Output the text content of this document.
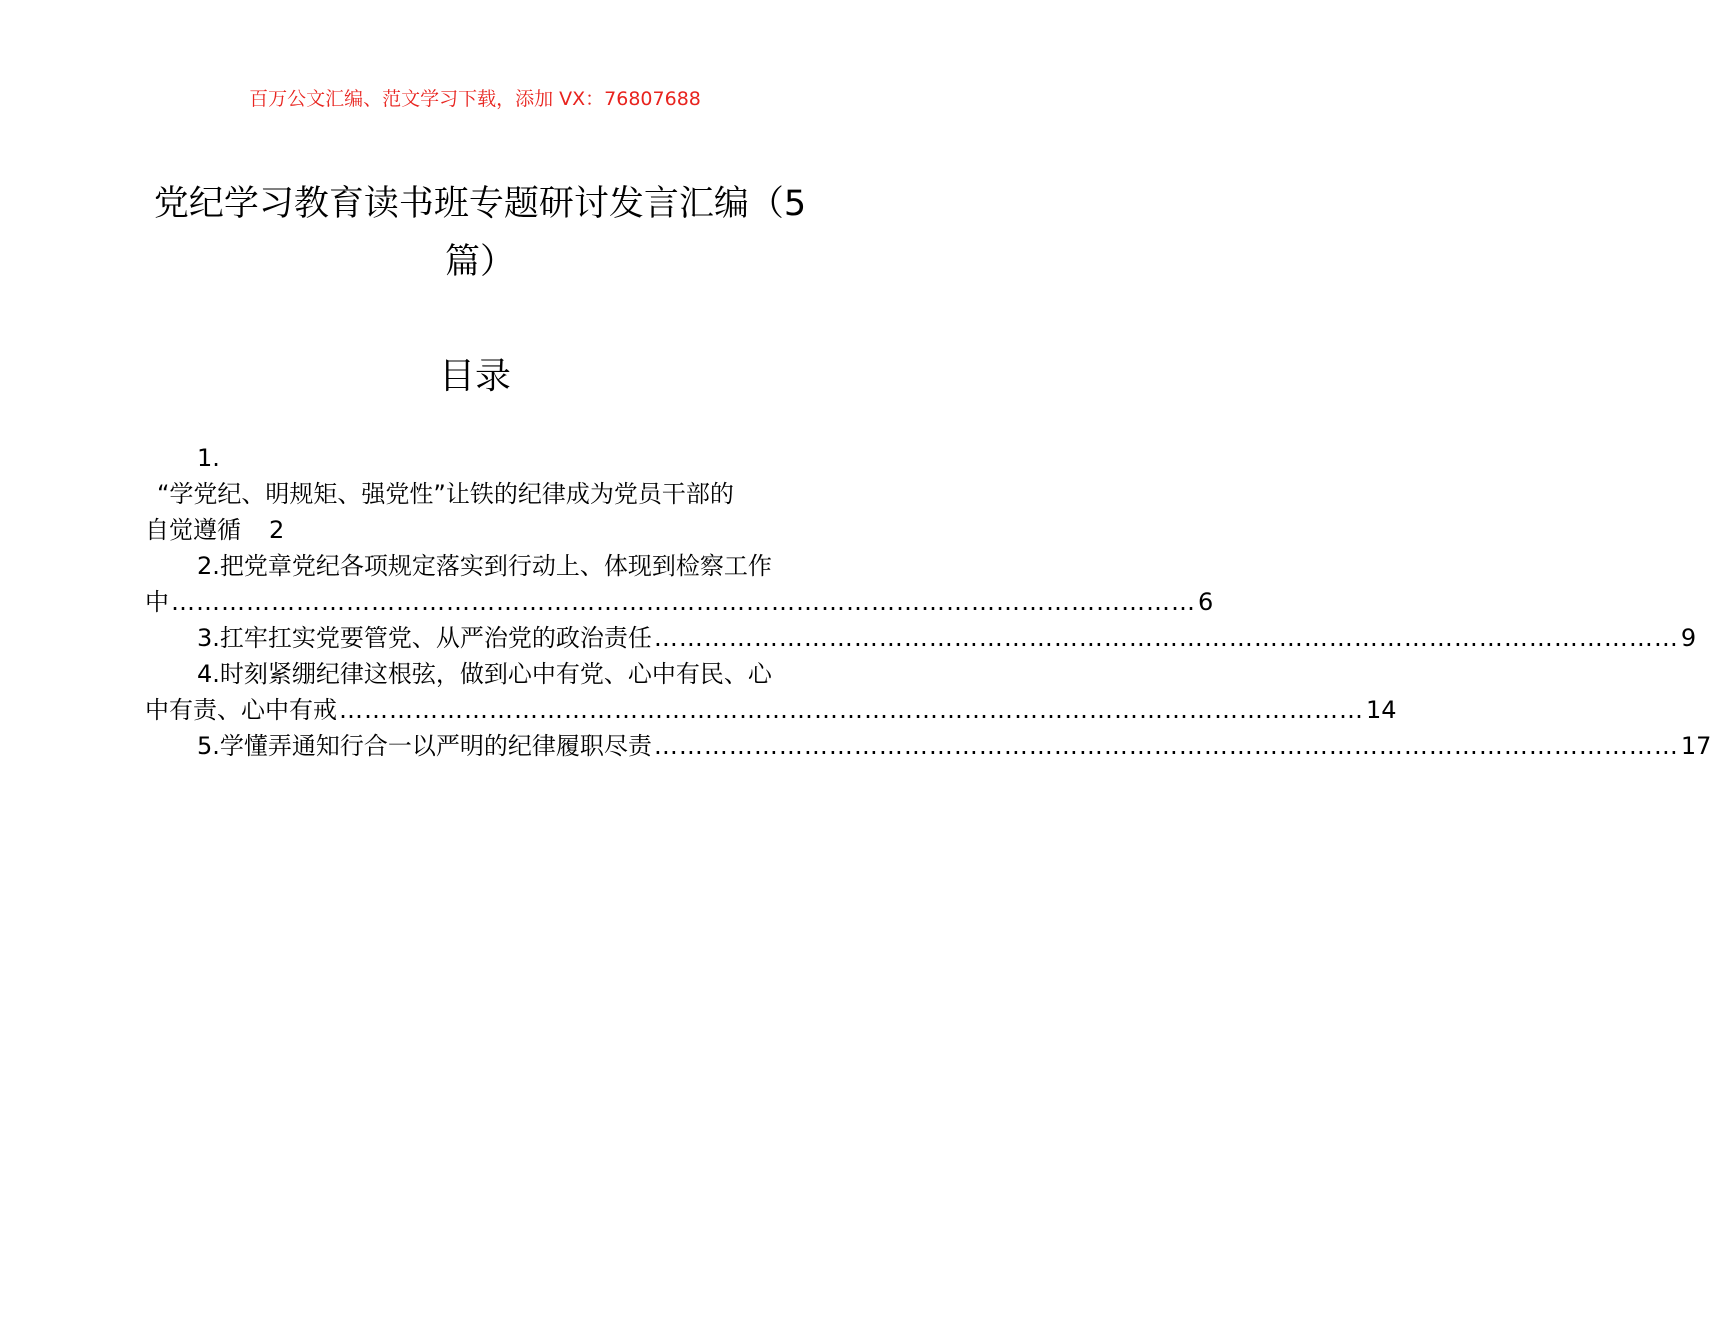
百万公文汇编、范文学习下载，添加 VX：76807688
党纪学习教育读书班专题研讨发言汇编（5
篇）
目录
1.
“学党纪、明规矩、强党性”让铁的纪律成为党员干部的
自觉遵循 2
2.把党章党纪各项规定落实到行动上、体现到检察工作
中 …………………………………………………………………………………………………………… 6
3.扛牢扛实党要管党、从严治党的政治责任 …………………………………………………………………………………………………………… 9
4.时刻紧绷纪律这根弦，做到心中有党、心中有民、心
中有责、心中有戒 …………………………………………………………………………………………………………… 14
5.学懂弄通知行合一以严明的纪律履职尽责 …………………………………………………………………………………………………………… 17
